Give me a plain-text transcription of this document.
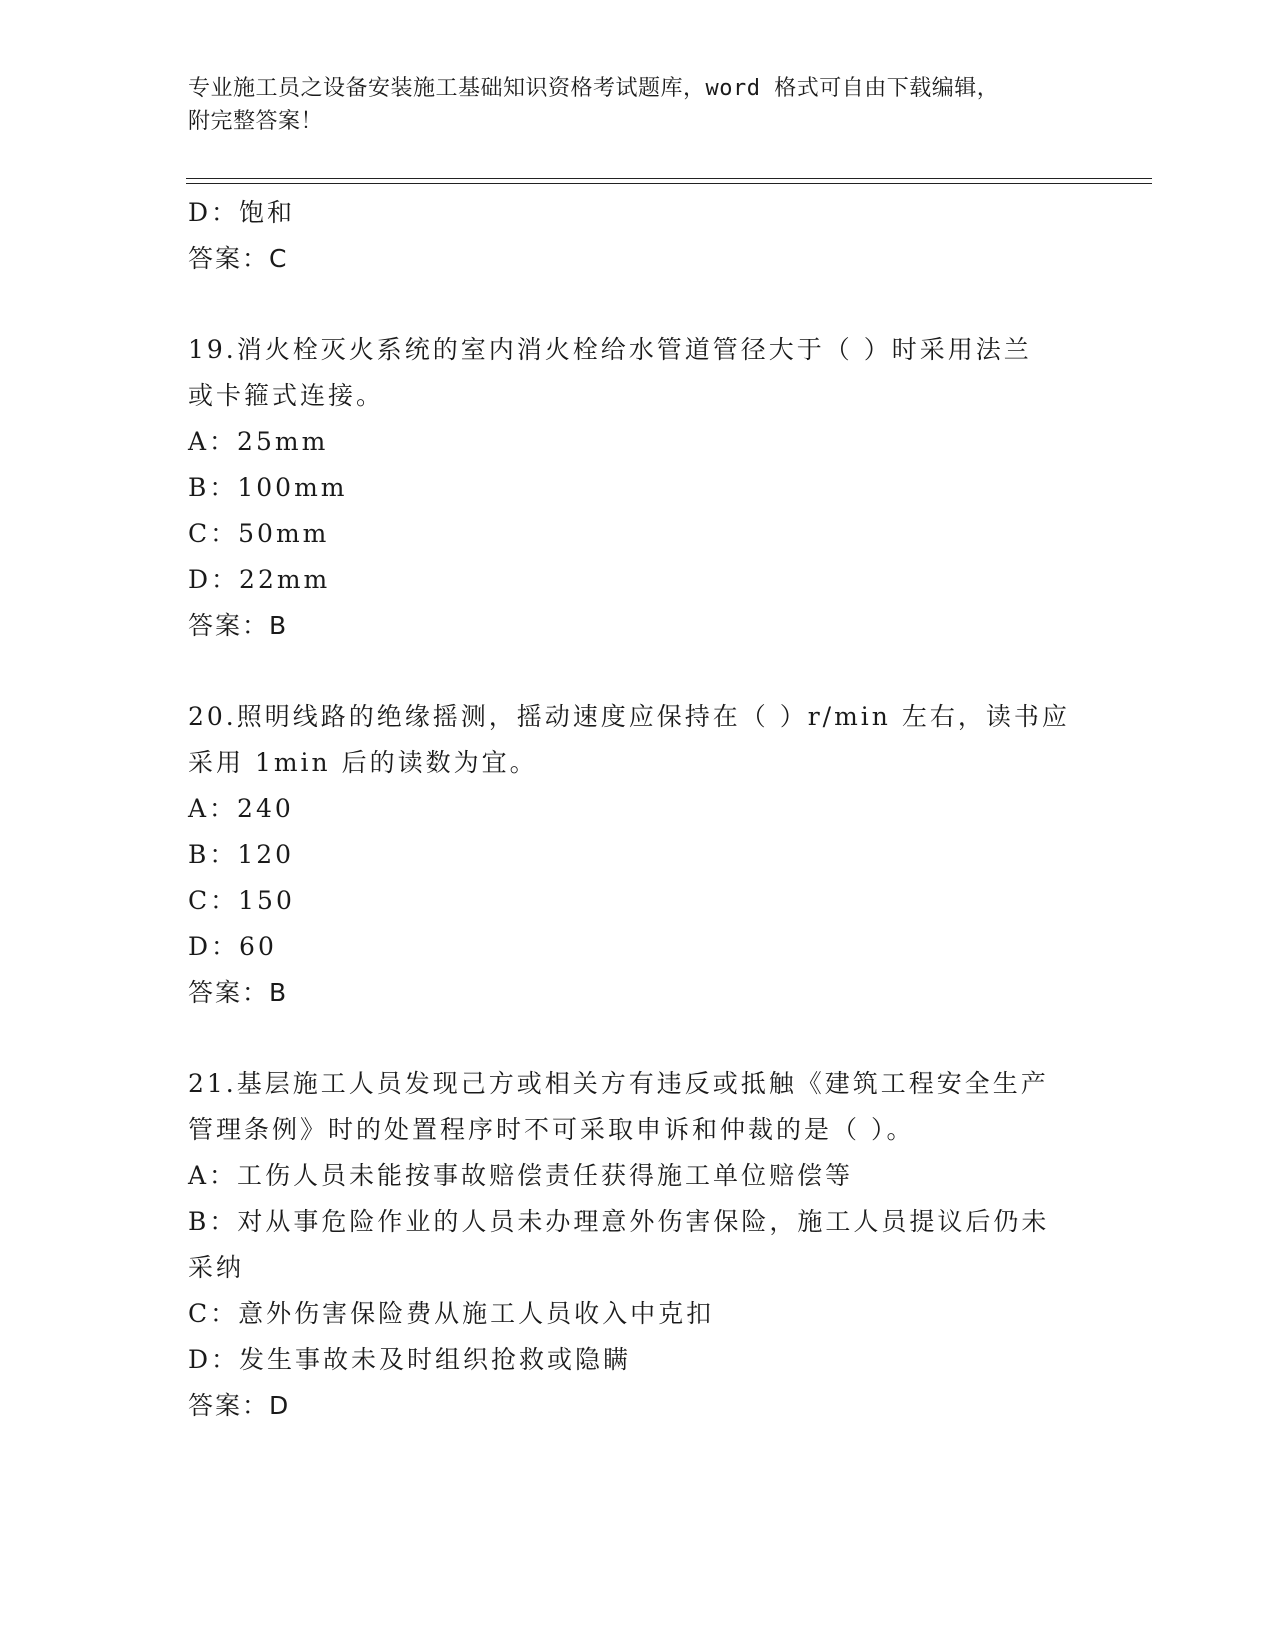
专业施工员之设备安装施工基础知识资格考试题库，word 格式可自由下载编辑，
附完整答案！
D：饱和
答案：C
19.消火栓灭火系统的室内消火栓给水管道管径大于（ ）时采用法兰
或卡箍式连接。
A：25mm
B：100mm
C：50mm
D：22mm
答案：B
20.照明线路的绝缘摇测，摇动速度应保持在（ ）r/min 左右，读书应
采用 1min 后的读数为宜。
A：240
B：120
C：150
D：60
答案：B
21.基层施工人员发现己方或相关方有违反或抵触《建筑工程安全生产
管理条例》时的处置程序时不可采取申诉和仲裁的是（ ）。
A：工伤人员未能按事故赔偿责任获得施工单位赔偿等
B：对从事危险作业的人员未办理意外伤害保险，施工人员提议后仍未
采纳
C：意外伤害保险费从施工人员收入中克扣
D：发生事故未及时组织抢救或隐瞒
答案：D
